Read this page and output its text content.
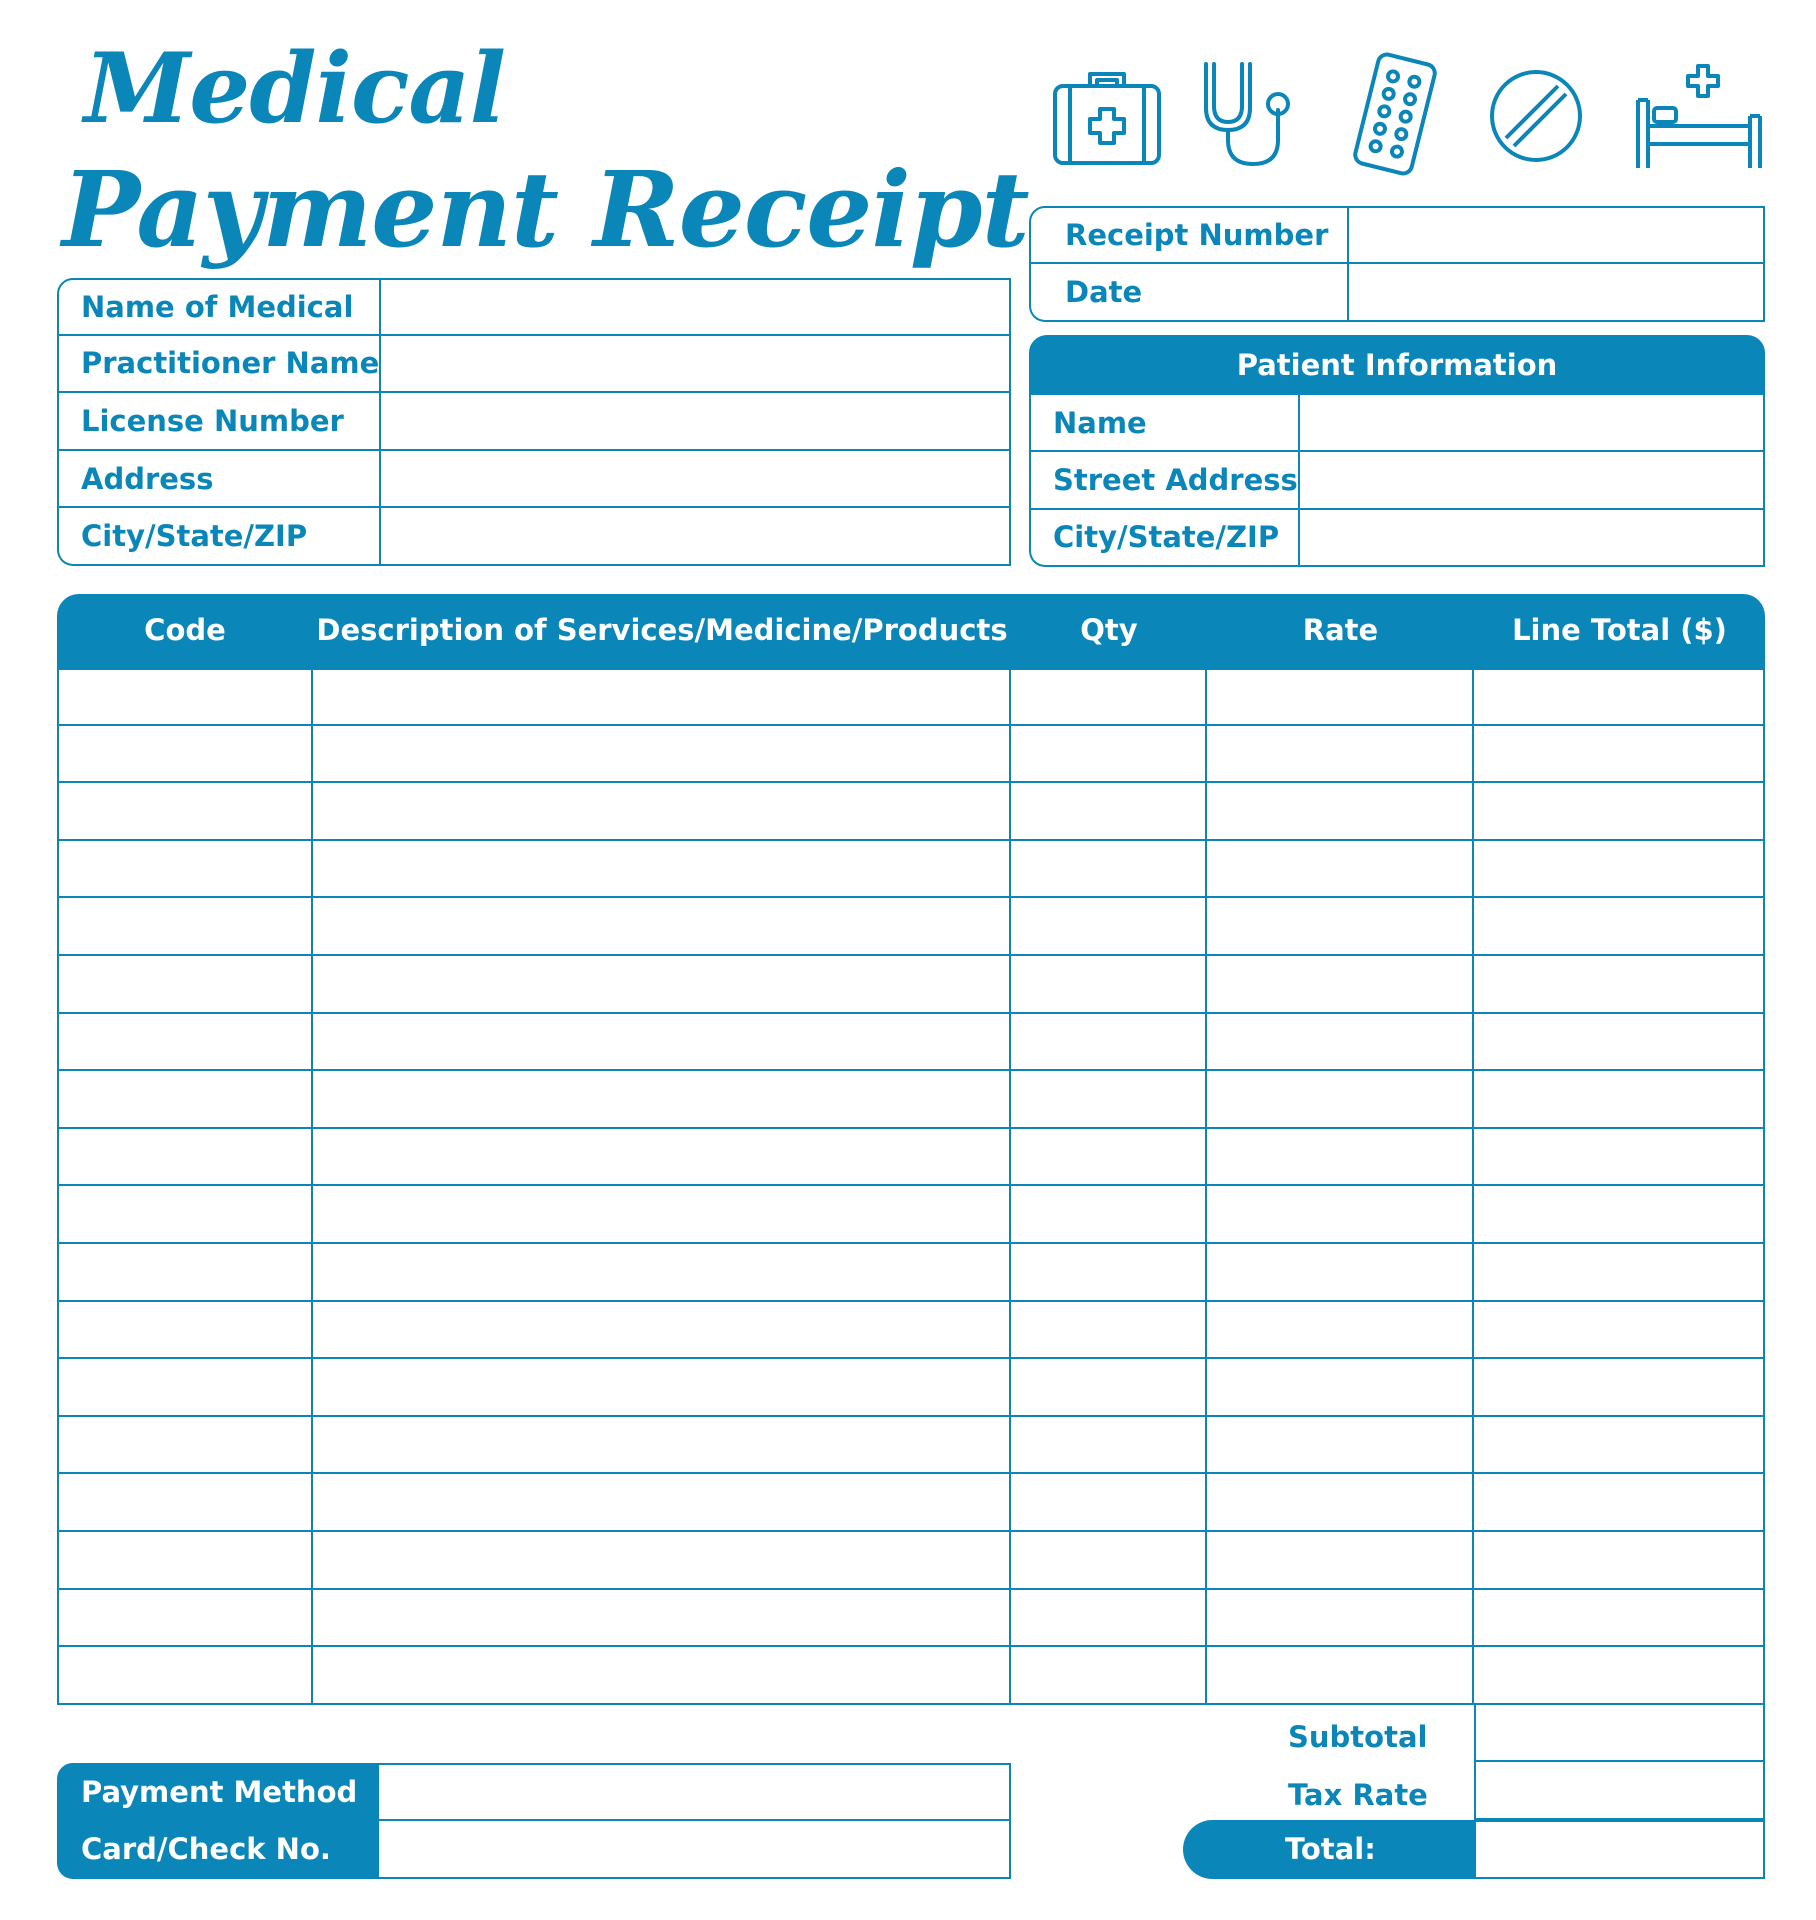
Medical
Payment Receipt
Name of Medical	
Practitioner Name	
License Number	
Address	
City/State/ZIP	
Receipt Number	
Date	
Patient Information	
Name	
Street Address	
City/State/ZIP	
Code	Description of Services/Medicine/Products	Qty	Rate	Line Total ($)

Payment Method	
Card/Check No.	
Subtotal
Tax Rate
Total:
